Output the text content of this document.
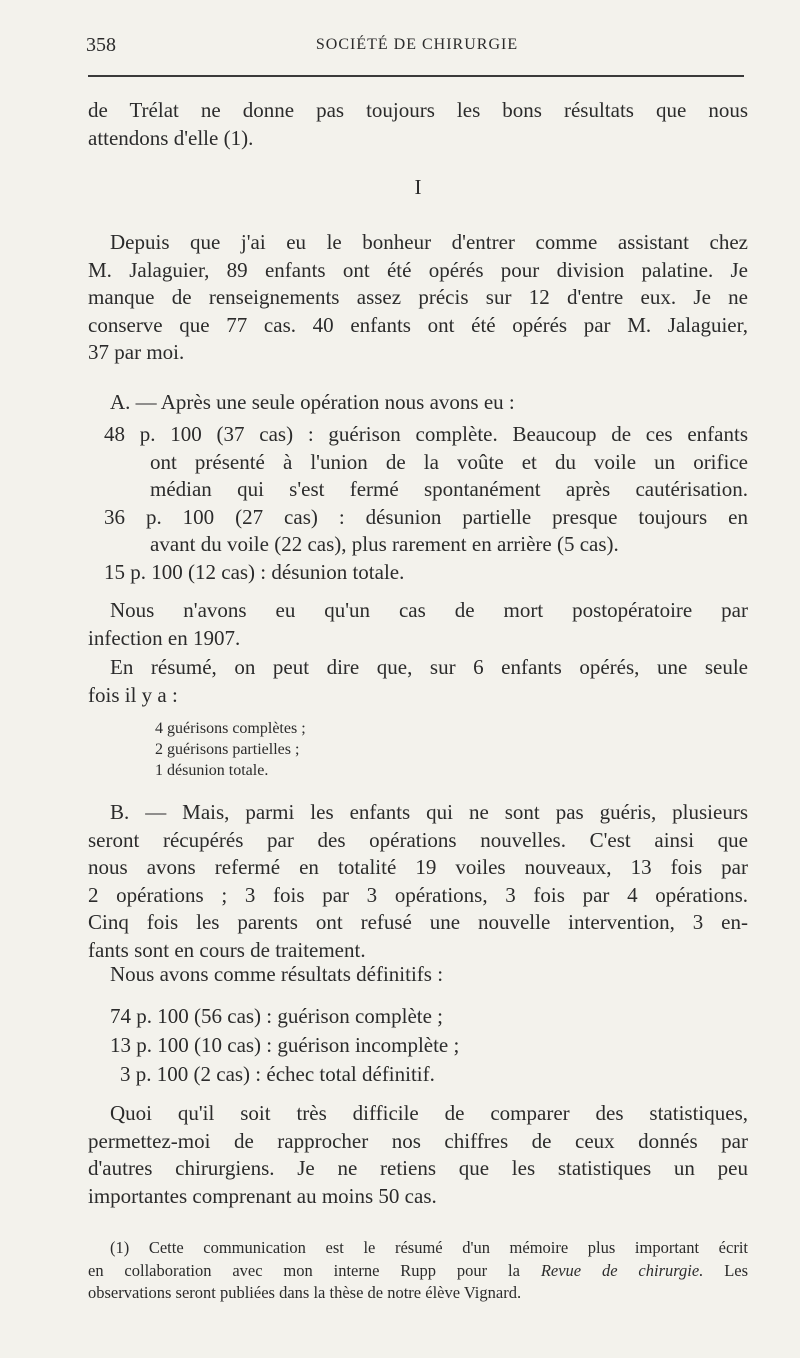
358	SOCIÉTÉ DE CHIRURGIE
de Trélat ne donne pas toujours les bons résultats que nous
attendons d'elle (1).
I
Depuis que j'ai eu le bonheur d'entrer comme assistant chez
M. Jalaguier, 89 enfants ont été opérés pour division palatine. Je
manque de renseignements assez précis sur 12 d'entre eux. Je ne
conserve que 77 cas. 40 enfants ont été opérés par M. Jalaguier,
37 par moi.
A. — Après une seule opération nous avons eu :
48 p. 100 (37 cas) : guérison complète. Beaucoup de ces enfants
ont présenté à l'union de la voûte et du voile un orifice
médian qui s'est fermé spontanément après cautérisation.
36 p. 100 (27 cas) : désunion partielle presque toujours en
avant du voile (22 cas), plus rarement en arrière (5 cas).
15 p. 100 (12 cas) : désunion totale.
Nous n'avons eu qu'un cas de mort postopératoire par
infection en 1907.
En résumé, on peut dire que, sur 6 enfants opérés, une seule
fois il y a :
4 guérisons complètes ;
2 guérisons partielles ;
1 désunion totale.
B. — Mais, parmi les enfants qui ne sont pas guéris, plusieurs
seront récupérés par des opérations nouvelles. C'est ainsi que
nous avons refermé en totalité 19 voiles nouveaux, 13 fois par
2 opérations ; 3 fois par 3 opérations, 3 fois par 4 opérations.
Cinq fois les parents ont refusé une nouvelle intervention, 3 en-
fants sont en cours de traitement.
Nous avons comme résultats définitifs :
74 p. 100 (56 cas) : guérison complète ;
13 p. 100 (10 cas) : guérison incomplète ;
3 p. 100 (2 cas) : échec total définitif.
Quoi qu'il soit très difficile de comparer des statistiques,
permettez-moi de rapprocher nos chiffres de ceux donnés par
d'autres chirurgiens. Je ne retiens que les statistiques un peu
importantes comprenant au moins 50 cas.
(1) Cette communication est le résumé d'un mémoire plus important écrit
en collaboration avec mon interne Rupp pour la Revue de chirurgie. Les
observations seront publiées dans la thèse de notre élève Vignard.
